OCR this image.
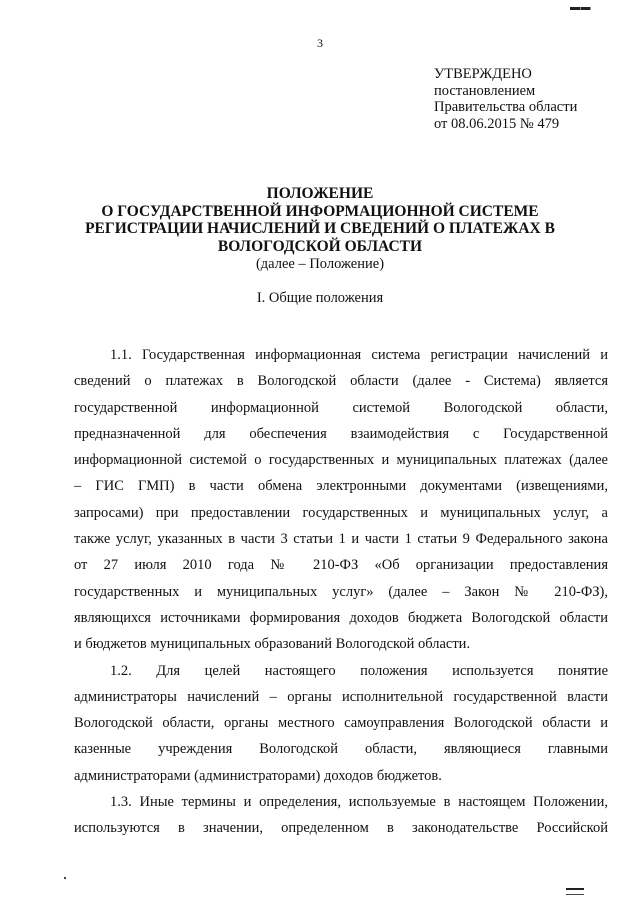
▬ ▬
3
УТВЕРЖДЕНО
постановлением
Правительства области
от 08.06.2015 № 479
ПОЛОЖЕНИЕ
О ГОСУДАРСТВЕННОЙ ИНФОРМАЦИОННОЙ СИСТЕМЕ
РЕГИСТРАЦИИ НАЧИСЛЕНИЙ И СВЕДЕНИЙ О ПЛАТЕЖАХ В
ВОЛОГОДСКОЙ ОБЛАСТИ
(далее – Положение)
I. Общие положения
1.1. Государственная информационная система регистрации начислений и
сведений о платежах в Вологодской области (далее - Система) является
государственной информационной системой Вологодской области,
предназначенной для обеспечения взаимодействия с Государственной
информационной системой о государственных и муниципальных платежах (далее
– ГИС ГМП) в части обмена электронными документами (извещениями,
запросами) при предоставлении государственных и муниципальных услуг, а
также услуг, указанных в части 3 статьи 1 и части 1 статьи 9 Федерального закона
от 27 июля 2010 года № 210-ФЗ «Об организации предоставления
государственных и муниципальных услуг» (далее – Закон № 210-ФЗ),
являющихся источниками формирования доходов бюджета Вологодской области
и бюджетов муниципальных образований Вологодской области.
1.2. Для целей настоящего положения используется понятие
администраторы начислений – органы исполнительной государственной власти
Вологодской области, органы местного самоуправления Вологодской области и
казенные учреждения Вологодской области, являющиеся главными
администраторами (администраторами) доходов бюджетов.
1.3. Иные термины и определения, используемые в настоящем Положении,
используются в значении, определенном в законодательстве Российской
